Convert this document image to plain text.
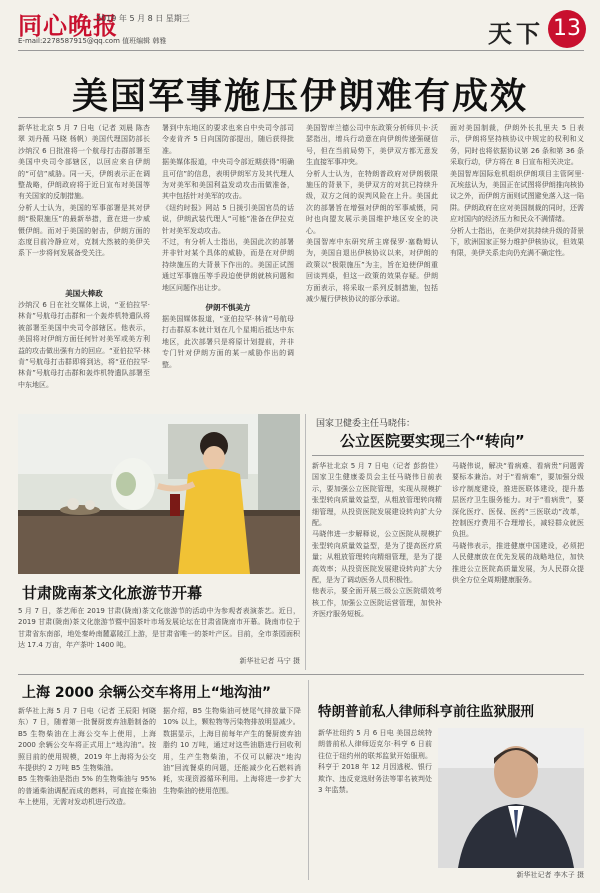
同心晚报
2019 年 5 月 8 日 星期三
E-mail:2278587915@qq.com 值班编辑 韩雅	天下 13
美国军事施压伊朗难有成效
新华社北京 5 月 7 日电（记者 刘晨 陈杏翠 刘丹薇 马晓 杨帆）美国代理国防部长沙纳汉 6 日批准将一个航母打击群部署至美国中央司令部辖区，以回应来自伊朗的“可信”威胁。同一天，伊朗表示正在调整战略，伊朗政府将于近日宣布对美国等有关国家的反制措施。
分析人士认为，美国的军事部署是其对伊朗“极限施压”的最新举措，意在进一步威慑伊朗。而对于美国的射击，伊朗方面的态度目前冷静应对，克制大然被的美伊关系下一步将何发展备受关注。
美国大棒政
沙纳汉 6 日在社交媒体上说，“亚伯拉罕·林肯”号航母打击群和一个轰炸机特遣队将被部署至美国中央司令部辖区。他表示，美国将对伊朗方面任何针对美军或美方利益的攻击做出强有力的回应。“亚伯拉罕·林肯”号航母打击群即将到达，将“亚伯拉罕·林肯”号航母打击群和轰炸机特遣队部署至中东地区。
署到中东地区的要求也来自中央司令部司令麦肯齐 5 日向国防部提出，随后获得批准。
据美媒体报道，中央司令部近期获得“明确且可信”的信息，表明伊朗军方及其代理人为对美军和美国利益发动攻击而做准备，其中包括针对美军的攻击。
《纽约时报》网站 5 日援引美国官员的话说，伊朗武装代理人“可能”准备在伊拉克针对美军发动攻击。
不过，有分析人士指出，美国此次的部署并非针对某个具体的威胁，而是在对伊朗持续施压的大背景下作出的。美国正试图通过军事施压等手段迫使伊朗就核问题和地区问题作出让步。
伊朗不惧美方
据美国媒体报道，“亚伯拉罕·林肯”号航母打击群原本就计划在几个星期后抵达中东地区，此次部署只是将原计划提前，并非专门针对伊朗方面的某一威胁作出的调整。
美国智库兰德公司中东政策分析师贝卡·沃瑟指出，增兵行动意在向伊朗传递强硬信号，但在当前局势下，美伊双方都无意发生直接军事冲突。
分析人士认为，在特朗普政府对伊朗极限施压的背景下，美伊双方的对抗已持续升级，双方之间的误判风险在上升。美国此次的部署旨在增强对伊朗的军事威慑，同时也向盟友展示美国维护地区安全的决心。
美国智库中东研究所主席保罗·塞勒姆认为，美国自退出伊核协议以来，对伊朗的政策以“极限施压”为主，旨在迫使伊朗重回谈判桌，但这一政策的效果存疑。伊朗方面表示，将采取一系列反制措施，包括减少履行伊核协议的部分承诺。
面对美国制裁，伊朗外长扎里夫 5 日表示，伊朗将坚持核协议中规定的权利和义务，同时也将依据协议第 26 条和第 36 条采取行动，伊方将在 8 日宣布相关决定。
美国智库国际危机组织伊朗项目主管阿里·瓦埃兹认为，美国正在试图将伊朗推向核协议之外，而伊朗方面则试图避免落入这一陷阱。伊朗政府在应对美国制裁的同时，还需应对国内的经济压力和民众不满情绪。
分析人士指出，在美伊对抗持续升级的背景下，欧洲国家正努力维护伊核协议，但效果有限，美伊关系走向仍充满不确定性。
甘肃陇南茶文化旅游节开幕
5 月 7 日，茶艺师在 2019 甘肃(陇南)茶文化旅游节的活动中为参观者表演茶艺。近日，2019 甘肃(陇南)茶文化旅游节暨中国茶叶市场发展论坛在甘肃省陇南市开幕。陇南市位于甘肃省东南部，地处秦岭南麓嘉陵江上游，是甘肃省唯一的茶叶产区。目前，全市茶园面积达 17.4 万亩，年产茶叶 1400 吨。
新华社记者 马宁 摄
国家卫健委主任马晓伟：
公立医院要实现三个“转向”
新华社北京 5 月 7 日电（记者 彭韵佳）国家卫生健康委员会主任马晓伟日前表示，要加强公立医院管理，实现从规模扩张型转向质量效益型，从粗放管理转向精细管理，从投资医院发展建设转向扩大分配。
马晓伟进一步解释说，公立医院从规模扩张型转向质量效益型，是为了提高医疗质量；从粗放管理转向精细管理，是为了提高效率；从投资医院发展建设转向扩大分配，是为了调动医务人员积极性。
他表示，要全面开展三级公立医院绩效考核工作，加强公立医院运营管理，加快补齐医疗服务短板。
马晓伟说，解决“看病难、看病贵”问题需要标本兼治。对于“看病难”，要加强分级诊疗制度建设，推进医联体建设，提升基层医疗卫生服务能力。对于“看病贵”，要深化医疗、医保、医药“三医联动”改革，控制医疗费用不合理增长，减轻群众就医负担。
马晓伟表示，推进健康中国建设，必须把人民健康放在优先发展的战略地位，加快推进公立医院高质量发展，为人民群众提供全方位全周期健康服务。
上海 2000 余辆公交车将用上“地沟油”
新华社上海 5 月 7 日电（记者 王辰阳 何晓东）7 日，随着第一批餐厨废弃油脂制备的 B5 生物柴油在上海公交车上使用，上海 2000 余辆公交车将正式用上“地沟油”。按照目前的使用规模，2019 年上海将为公交车提供约 2 万吨 B5 生物柴油。
B5 生物柴油是指由 5% 的生物柴油与 95% 的普通柴油调配而成的燃料，可直接在柴油车上使用，无需对发动机进行改造。
据介绍，B5 生物柴油可使尾气排放量下降 10% 以上，颗粒物等污染物排放明显减少。
数据显示，上海目前每年产生的餐厨废弃油脂约 10 万吨，通过对这些油脂进行回收利用，生产生物柴油，不仅可以解决“地沟油”回流餐桌的问题，还能减少化石燃料消耗，实现资源循环利用。上海将进一步扩大生物柴油的使用范围。
特朗普前私人律师科亨前往监狱服刑
新华社纽约 5 月 6 日电 美国总统特朗普前私人律师迈克尔·科亨 6 日前往位于纽约州的联邦监狱开始服刑。科亨于 2018 年 12 月因逃税、银行欺诈、违反竞选财务法等罪名被判处 3 年监禁。
新华社记者 李木子 摄
